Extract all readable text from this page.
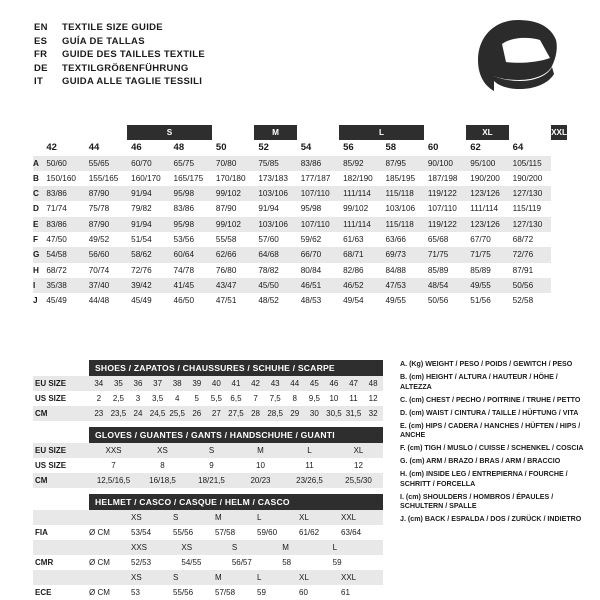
EN	TEXTILE SIZE GUIDE
ES	GUÍA DE TALLAS
FR	GUIDE DES TAILLES TEXTILE
DE	TEXTILGRÖßENFÜHRUNG
IT	GUIDA ALLE TAGLIE TESSILI
			S			M		L			XL		XXL	
	42	44	46	48	50	52	54	56	58	60	62	64		
A	50/60	55/65	60/70	65/75	70/80	75/85	83/86	85/92	87/95	90/100	95/100	105/115		
B	150/160	155/165	160/170	165/175	170/180	173/183	177/187	182/190	185/195	187/198	190/200	190/200		
C	83/86	87/90	91/94	95/98	99/102	103/106	107/110	111/114	115/118	119/122	123/126	127/130		
D	71/74	75/78	79/82	83/86	87/90	91/94	95/98	99/102	103/106	107/110	111/114	115/119		
E	83/86	87/90	91/94	95/98	99/102	103/106	107/110	111/114	115/118	119/122	123/126	127/130		
F	47/50	49/52	51/54	53/56	55/58	57/60	59/62	61/63	63/66	65/68	67/70	68/72		
G	54/58	56/60	58/62	60/64	62/66	64/68	66/70	68/71	69/73	71/75	71/75	72/76		
H	68/72	70/74	72/76	74/78	76/80	78/82	80/84	82/86	84/88	85/89	85/89	87/91		
I	35/38	37/40	39/42	41/45	43/47	45/50	46/51	46/52	47/53	48/54	49/55	50/56		
J	45/49	44/48	45/49	46/50	47/51	48/52	48/53	49/54	49/55	50/56	51/56	52/58		
SHOES / ZAPATOS / CHAUSSURES / SCHUHE / SCARPE
EU SIZE	34	35	36	37	38	39	40	41	42	43	44	45	46	47	48
US SIZE	2	2,5	3	3,5	4	5	5,5	6,5	7	7,5	8	9,5	10	11	12
CM	23 23,5 24 24,5 25,5 26	27 27,5 28 28,5 29	30 30,5 31,5 32
GLOVES / GUANTES / GANTS / HANDSCHUHE / GUANTI
EU SIZE	XXS	XS	S	M	L	XL
US SIZE	7	8	9	10	11	12
CM	12,5/16,5	16/18,5	18/21,5	20/23	23/26,5	25,5/30
HELMET / CASCO / CASQUE / HELM / CASCO
XS	S	M	L	XL	XXL
FIA	Ø CM	53/54	55/56	57/58	59/60	61/62	63/64
XXS	XS	S	M	L
CMR	Ø CM	52/53	54/55	56/57	58	59
XS	S	M	L	XL	XXL
ECE	Ø CM	53	55/56	57/58	59	60	61
A. (Kg) WEIGHT / PESO / POIDS / GEWITCH / PESO
B. (cm) HEIGHT / ALTURA / HAUTEUR / HÖHE / ALTEZZA
C. (cm) CHEST / PECHO / POITRINE / TRUHE / PETTO
D. (cm) WAIST / CINTURA / TAILLE / HÜFTUNG / VITA
E. (cm) HIPS / CADERA / HANCHES / HÜFTEN / HIPS / ANCHE
F. (cm) TIGH / MUSLO / CUISSE / SCHENKEL / COSCIA
G. (cm) ARM / BRAZO / BRAS / ARM / BRACCIO
H. (cm) INSIDE LEG / ENTREPIERNA / FOURCHE / SCHRITT / FORCELLA
I. (cm) SHOULDERS / HOMBROS / ÉPAULES / SCHULTERN / SPALLE
J. (cm) BACK / ESPALDA / DOS / ZURÜCK / INDIETRO
